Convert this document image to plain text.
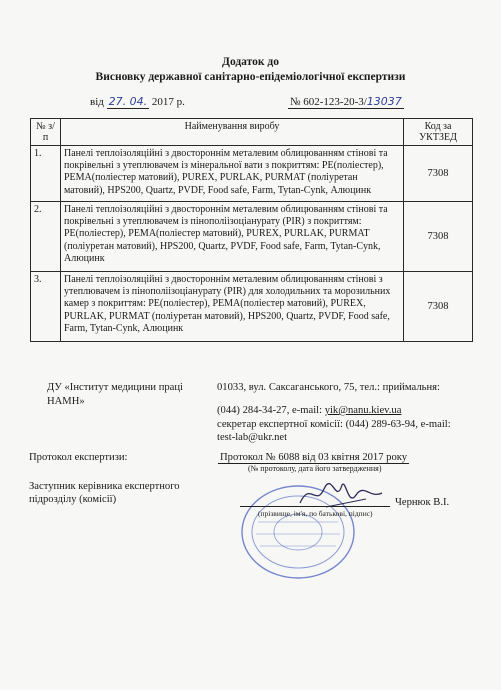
Додаток до
Висновку державної санітарно-епідеміологічної експертизи
від 27. 04. 2017 р.	№ 602-123-20-3/13037
№ з/п	Найменування виробу	Код за УКТЗЕД
1.	Панелі теплоізоляційні з двостороннім металевим облицюванням стінові та покрівельні з утеплювачем із мінеральної вати з покриттям: PE(поліестер), PEMA(поліестер матовий), PUREX, PURLAK, PURMAT (поліуретан матовий), HPS200, Quartz, PVDF, Food safe, Farm, Tytan-Cynk, Алюцинк	7308
2.	Панелі теплоізоляційні з двостороннім металевим облицюванням стінові та покрівельні з утеплювачем із пінополіізоціанурату (PIR) з покриттям: PE(поліестер), PEMA(поліестер матовий), PUREX, PURLAK, PURMAT (поліуретан матовий), HPS200, Quartz, PVDF, Food safe, Farm, Tytan-Cynk, Алюцинк	7308
3.	Панелі теплоізоляційні з двостороннім металевим облицюванням стінові з утеплювачем із пінополіізоціанурату (PIR) для холодильних та морозильних камер з покриттям: PE(поліестер), PEMA(поліестер матовий), PUREX, PURLAK, PURMAT (поліуретан матовий), HPS200, Quartz, PVDF, Food safe, Farm, Tytan-Cynk, Алюцинк	7308
ДУ «Інститут медицини праці НАМН»
01033, вул. Саксаганського, 75, тел.: приймальня:
(044) 284-34-27, e-mail: yik@nanu.kiev.ua
секретар експертної комісії: (044) 289-63-94, e-mail:
test-lab@ukr.net
Протокол експертизи:	Протокол № 6088 від 03 квітня 2017 року
(№ протоколу, дата його затвердження)
Заступник керівника експертного підрозділу (комісії)	Чернюк В.І.
(прізвище, ім'я, по батькові, підпис)
